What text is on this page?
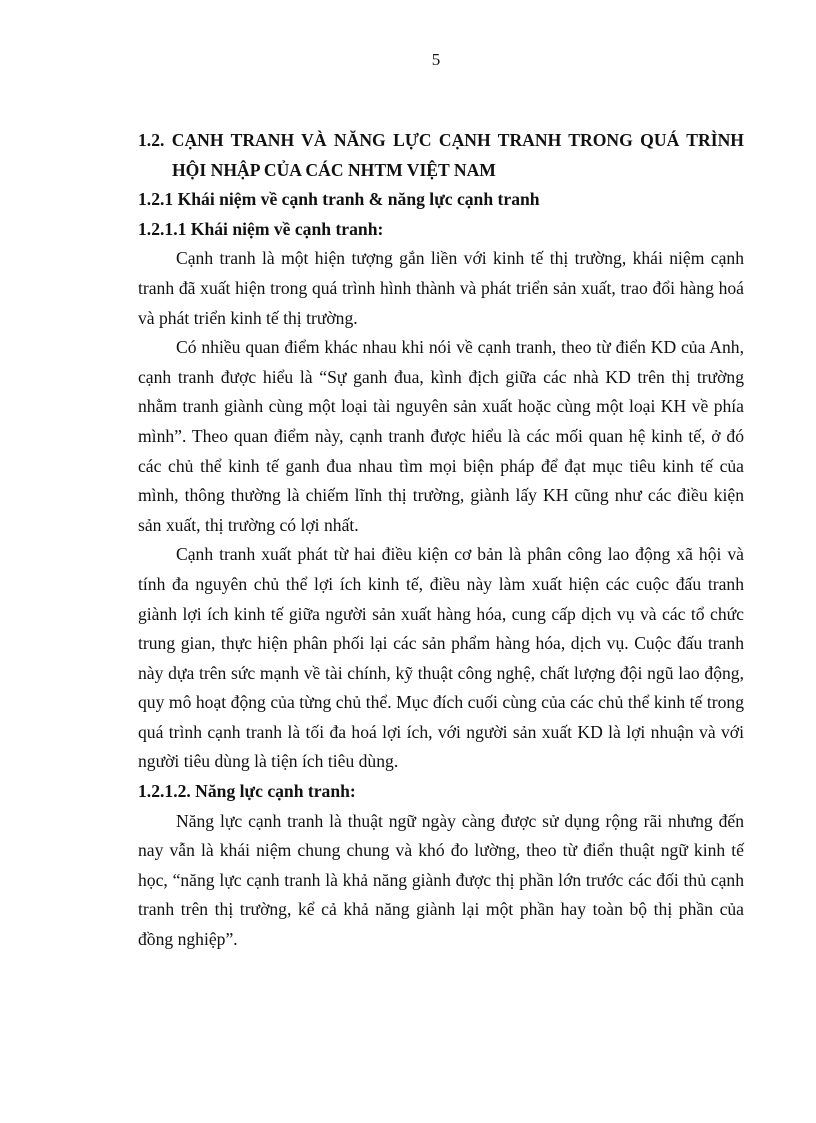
5

1.2. CẠNH TRANH VÀ NĂNG LỰC CẠNH TRANH TRONG QUÁ TRÌNH HỘI NHẬP CỦA CÁC NHTM VIỆT NAM

1.2.1 Khái niệm về cạnh tranh & năng lực cạnh tranh

1.2.1.1 Khái niệm về cạnh tranh:

Cạnh tranh là một hiện tượng gắn liền với kinh tế thị trường, khái niệm cạnh tranh đã xuất hiện trong quá trình hình thành và phát triển sản xuất, trao đổi hàng hoá và phát triển kinh tế thị trường.

Có nhiều quan điểm khác nhau khi nói về cạnh tranh, theo từ điển KD của Anh, cạnh tranh được hiểu là “Sự ganh đua, kình địch giữa các nhà KD trên thị trường nhằm tranh giành cùng một loại tài nguyên sản xuất hoặc cùng một loại KH về phía mình”. Theo quan điểm này, cạnh tranh được hiểu là các mối quan hệ kinh tế, ở đó các chủ thể kinh tế ganh đua nhau tìm mọi biện pháp để đạt mục tiêu kinh tế của mình, thông thường là chiếm lĩnh thị trường, giành lấy KH cũng như các điều kiện sản xuất, thị trường có lợi nhất.

Cạnh tranh xuất phát từ hai điều kiện cơ bản là phân công lao động xã hội và tính đa nguyên chủ thể lợi ích kinh tế, điều này làm xuất hiện các cuộc đấu tranh giành lợi ích kinh tế giữa người sản xuất hàng hóa, cung cấp dịch vụ và các tổ chức trung gian, thực hiện phân phối lại các sản phẩm hàng hóa, dịch vụ. Cuộc đấu tranh này dựa trên sức mạnh về tài chính, kỹ thuật công nghệ, chất lượng đội ngũ lao động, quy mô hoạt động của từng chủ thể. Mục đích cuối cùng của các chủ thể kinh tế trong quá trình cạnh tranh là tối đa hoá lợi ích, với người sản xuất KD là lợi nhuận và với người tiêu dùng là tiện ích tiêu dùng.

1.2.1.2. Năng lực cạnh tranh:

Năng lực cạnh tranh là thuật ngữ ngày càng được sử dụng rộng rãi nhưng đến nay vẫn là khái niệm chung chung và khó đo lường, theo từ điển thuật ngữ kinh tế học, “năng lực cạnh tranh là khả năng giành được thị phần lớn trước các đối thủ cạnh tranh trên thị trường, kể cả khả năng giành lại một phần hay toàn bộ thị phần của đồng nghiệp”.
